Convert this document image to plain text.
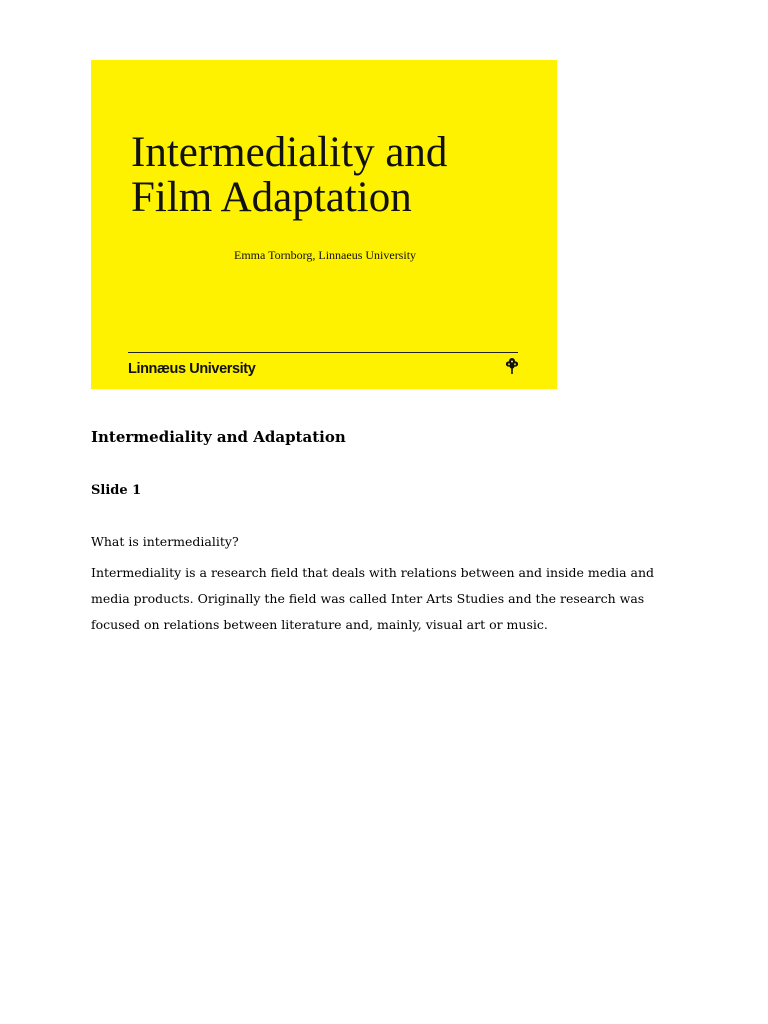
Intermediality and
Film Adaptation

Emma Tornborg, Linnaeus University

Linnæus University
Intermediality and Adaptation
Slide 1

What is intermediality?

Intermediality is a research field that deals with relations between and inside media and
media products. Originally the field was called Inter Arts Studies and the research was
focused on relations between literature and, mainly, visual art or music.
